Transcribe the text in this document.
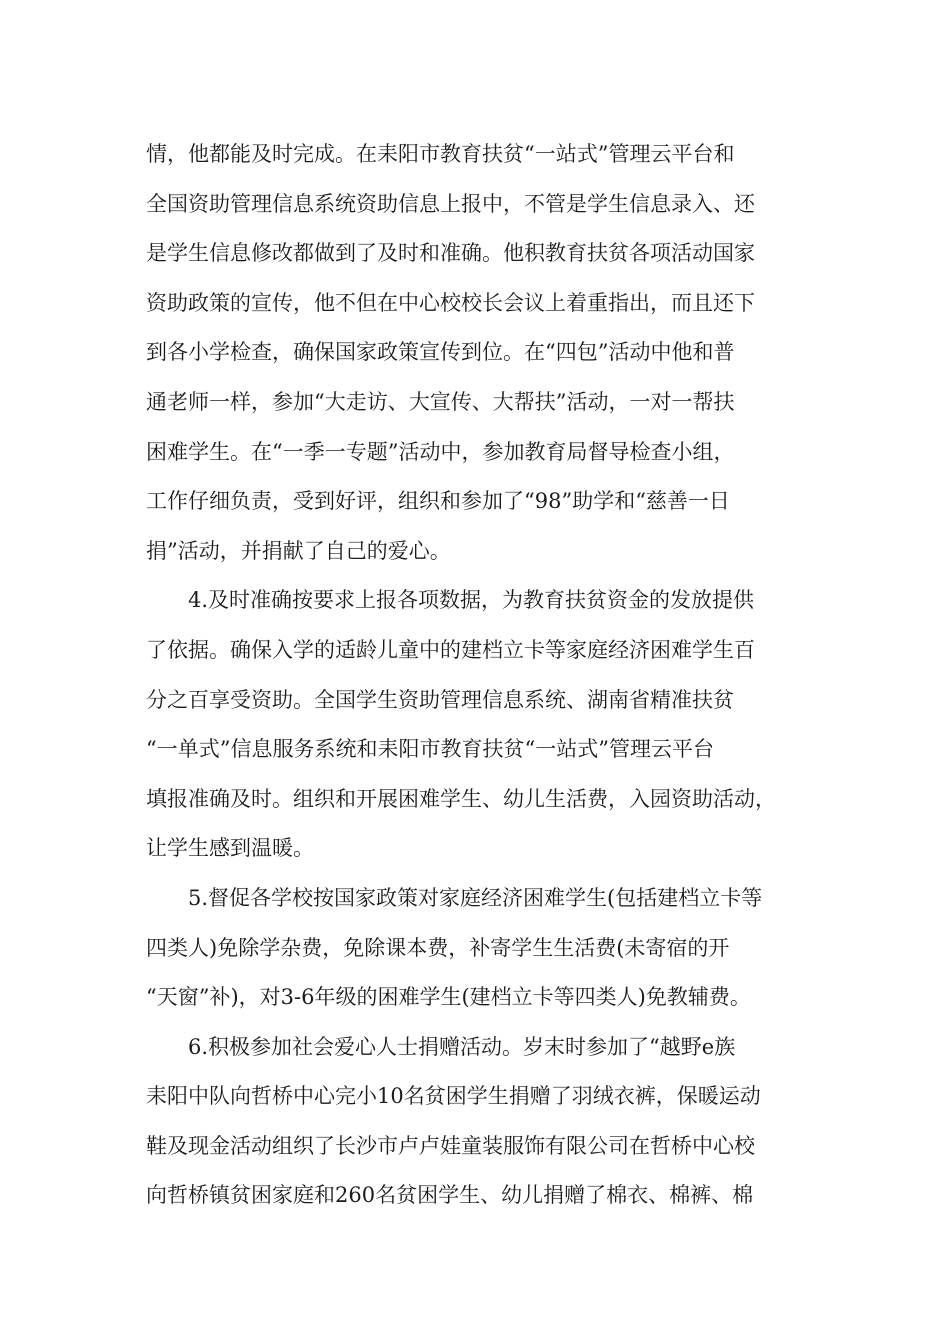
情，他都能及时完成。在耒阳市教育扶贫“一站式”管理云平台和
全国资助管理信息系统资助信息上报中，不管是学生信息录入、还
是学生信息修改都做到了及时和准确。他积教育扶贫各项活动国家
资助政策的宣传，他不但在中心校校长会议上着重指出，而且还下
到各小学检查，确保国家政策宣传到位。在“四包”活动中他和普
通老师一样，参加“大走访、大宣传、大帮扶”活动，一对一帮扶
困难学生。在“一季一专题”活动中，参加教育局督导检查小组，
工作仔细负责，受到好评，组织和参加了“98”助学和“慈善一日
捐”活动，并捐献了自己的爱心。
4.及时准确按要求上报各项数据，为教育扶贫资金的发放提供
了依据。确保入学的适龄儿童中的建档立卡等家庭经济困难学生百
分之百享受资助。全国学生资助管理信息系统、湖南省精准扶贫
“一单式”信息服务系统和耒阳市教育扶贫“一站式”管理云平台
填报准确及时。组织和开展困难学生、幼儿生活费，入园资助活动，
让学生感到温暖。
5.督促各学校按国家政策对家庭经济困难学生(包括建档立卡等
四类人)免除学杂费，免除课本费，补寄学生生活费(未寄宿的开
“天窗”补)，对3-6年级的困难学生(建档立卡等四类人)免教辅费。
6.积极参加社会爱心人士捐赠活动。岁末时参加了“越野e族
耒阳中队向哲桥中心完小10名贫困学生捐赠了羽绒衣裤，保暖运动
鞋及现金活动组织了长沙市卢卢娃童装服饰有限公司在哲桥中心校
向哲桥镇贫困家庭和260名贫困学生、幼儿捐赠了棉衣、棉裤、棉
